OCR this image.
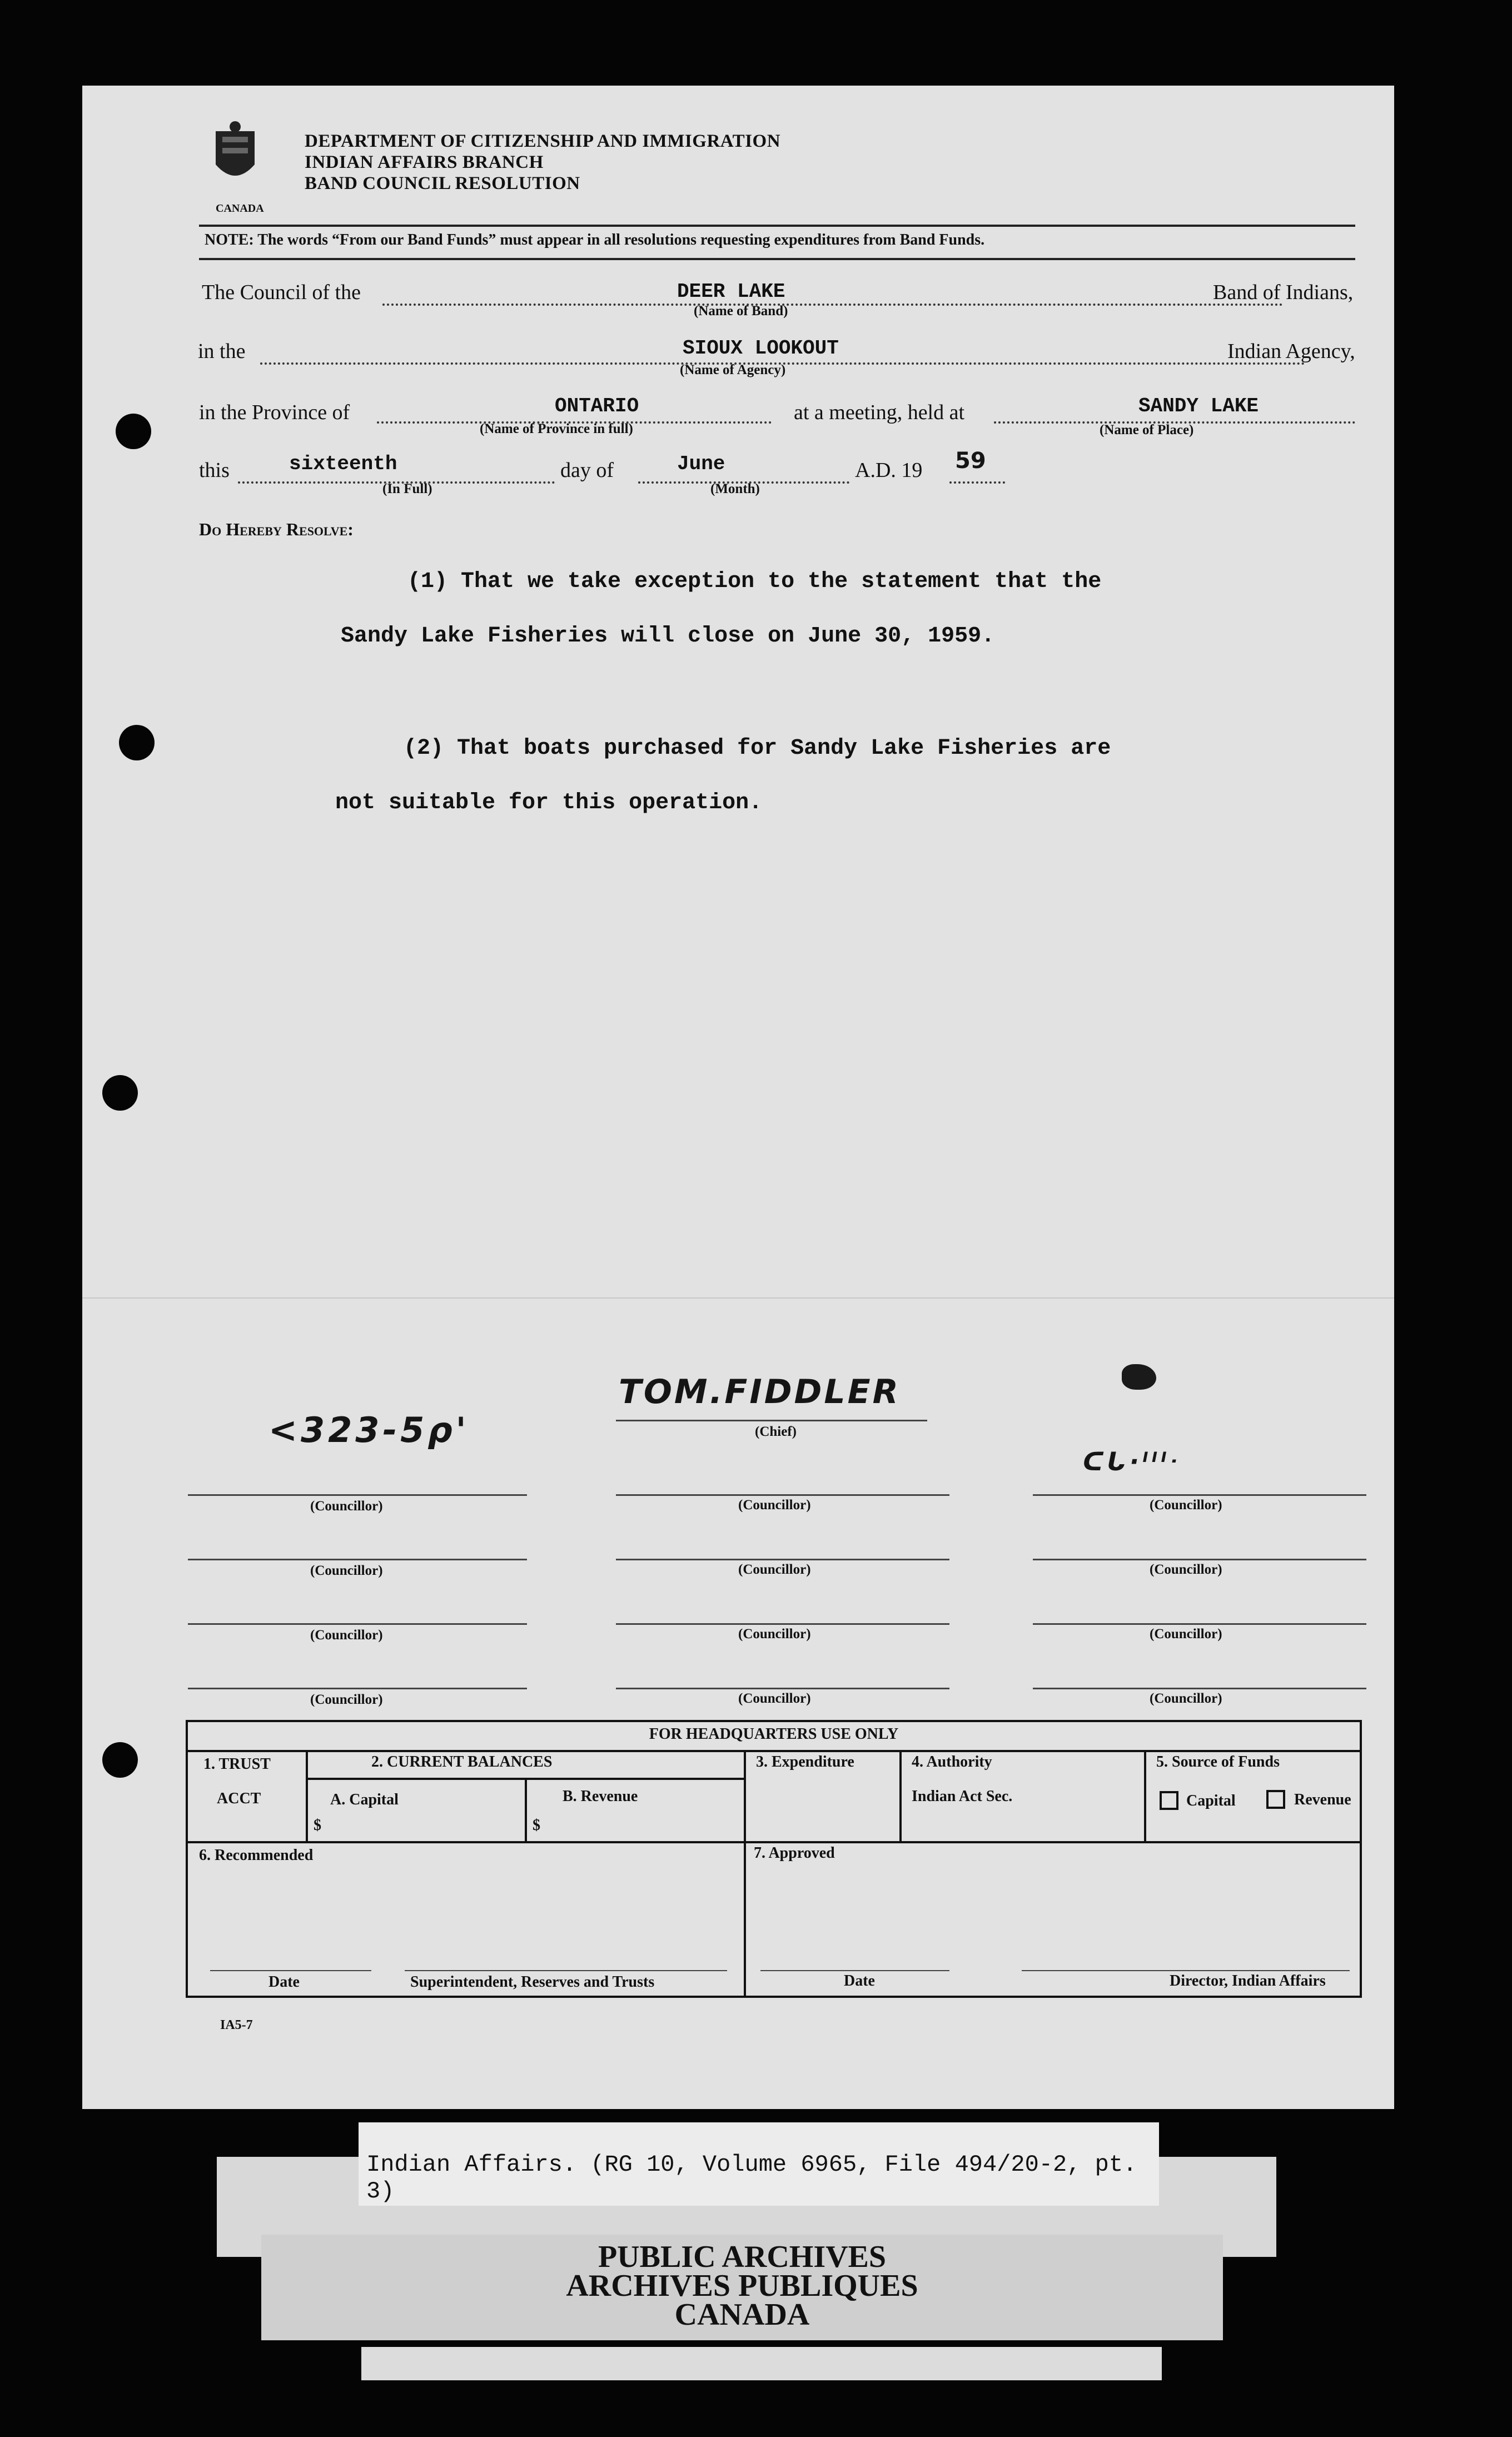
CANADA
DEPARTMENT OF CITIZENSHIP AND IMMIGRATION
INDIAN AFFAIRS BRANCH
BAND COUNCIL RESOLUTION
NOTE: The words “From our Band Funds” must appear in all resolutions requesting expenditures from Band Funds.
The Council of the	DEER LAKE
(Name of Band)
Band of Indians,
in the	SIOUX LOOKOUT
(Name of Agency)
Indian Agency,
in the Province of	ONTARIO
(Name of Province in full)
at a meeting, held at	SANDY LAKE
(Name of Place)
this	sixteenth
(In Full)
day of	June
(Month)
A.D. 19 59
Do Hereby Resolve:
(1) That we take exception to the statement that the
Sandy Lake Fisheries will close on June 30, 1959.
(2) That boats purchased for Sandy Lake Fisheries are
not suitable for this operation.
TOM.FIDDLER
(Chief)
<323-5ρ'
ᑕᒐ·ᑊᑊᑊᐧ
(Councillor)	(Councillor)	(Councillor)
(Councillor)	(Councillor)	(Councillor)
(Councillor)	(Councillor)	(Councillor)
(Councillor)	(Councillor)	(Councillor)
FOR HEADQUARTERS USE ONLY
1. TRUST
ACCT
2. CURRENT BALANCES
A. Capital
$
B. Revenue
$
3. Expenditure	4. Authority
Indian Act Sec.
5. Source of Funds
Capital	Revenue
6. Recommended	7. Approved
Date	Superintendent, Reserves and Trusts	Date	Director, Indian Affairs
IA5-7
Indian Affairs. (RG 10, Volume 6965, File 494/20-2, pt. 3)
PUBLIC ARCHIVES
ARCHIVES PUBLIQUES
CANADA
